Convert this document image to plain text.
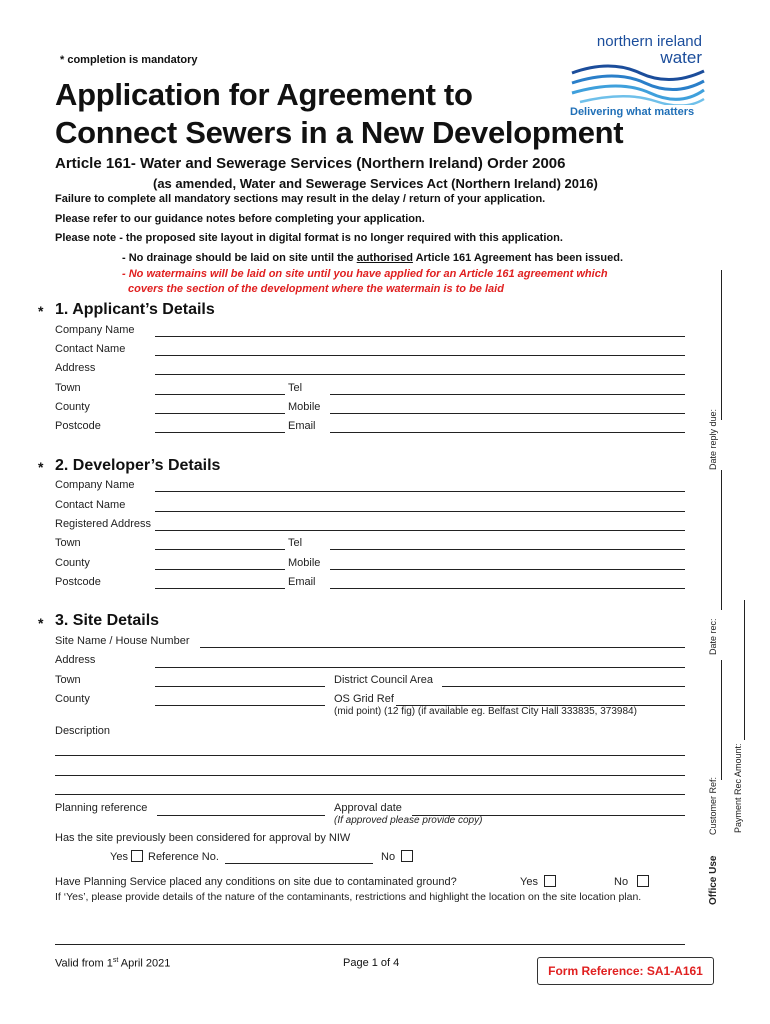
* completion is mandatory
Application for Agreement to
Connect Sewers in a New Development
northern ireland
water
Delivering what matters
Article 161- Water and Sewerage Services (Northern Ireland) Order 2006
(as amended, Water and Sewerage Services Act (Northern Ireland) 2016)
Failure to complete all mandatory sections may result in the delay / return of your application.
Please refer to our guidance notes before completing your application.
Please note - the proposed site layout in digital format is no longer required with this application.
- No drainage should be laid on site until the authorised Article 161 Agreement has been issued.
- No watermains will be laid on site until you have applied for an Article 161 agreement which
covers the section of the development where the watermain is to be laid
* 1. Applicant’s Details
Company Name
Contact Name
Address
Town	Tel
County	Mobile
Postcode	Email
* 2. Developer’s Details
Company Name
Contact Name
Registered Address
Town	Tel
County	Mobile
Postcode	Email
* 3. Site Details
Site Name / House Number
Address
Town	District Council Area
County	OS Grid Ref
(mid point) (12 fig) (if available eg. Belfast City Hall 333835, 373984)
Description
Planning reference	Approval date
(If approved please provide copy)
Has the site previously been considered for approval by NIW
Yes Reference No.	No
Have Planning Service placed any conditions on site due to contaminated ground?	Yes	No
If ‘Yes’, please provide details of the nature of the contaminants, restrictions and highlight the location on the site location plan.
Date reply due:
Date rec:
Customer Ref: Payment Rec Amount:
Office Use
Valid from 1st April 2021	Page 1 of 4
Form Reference: SA1-A161
